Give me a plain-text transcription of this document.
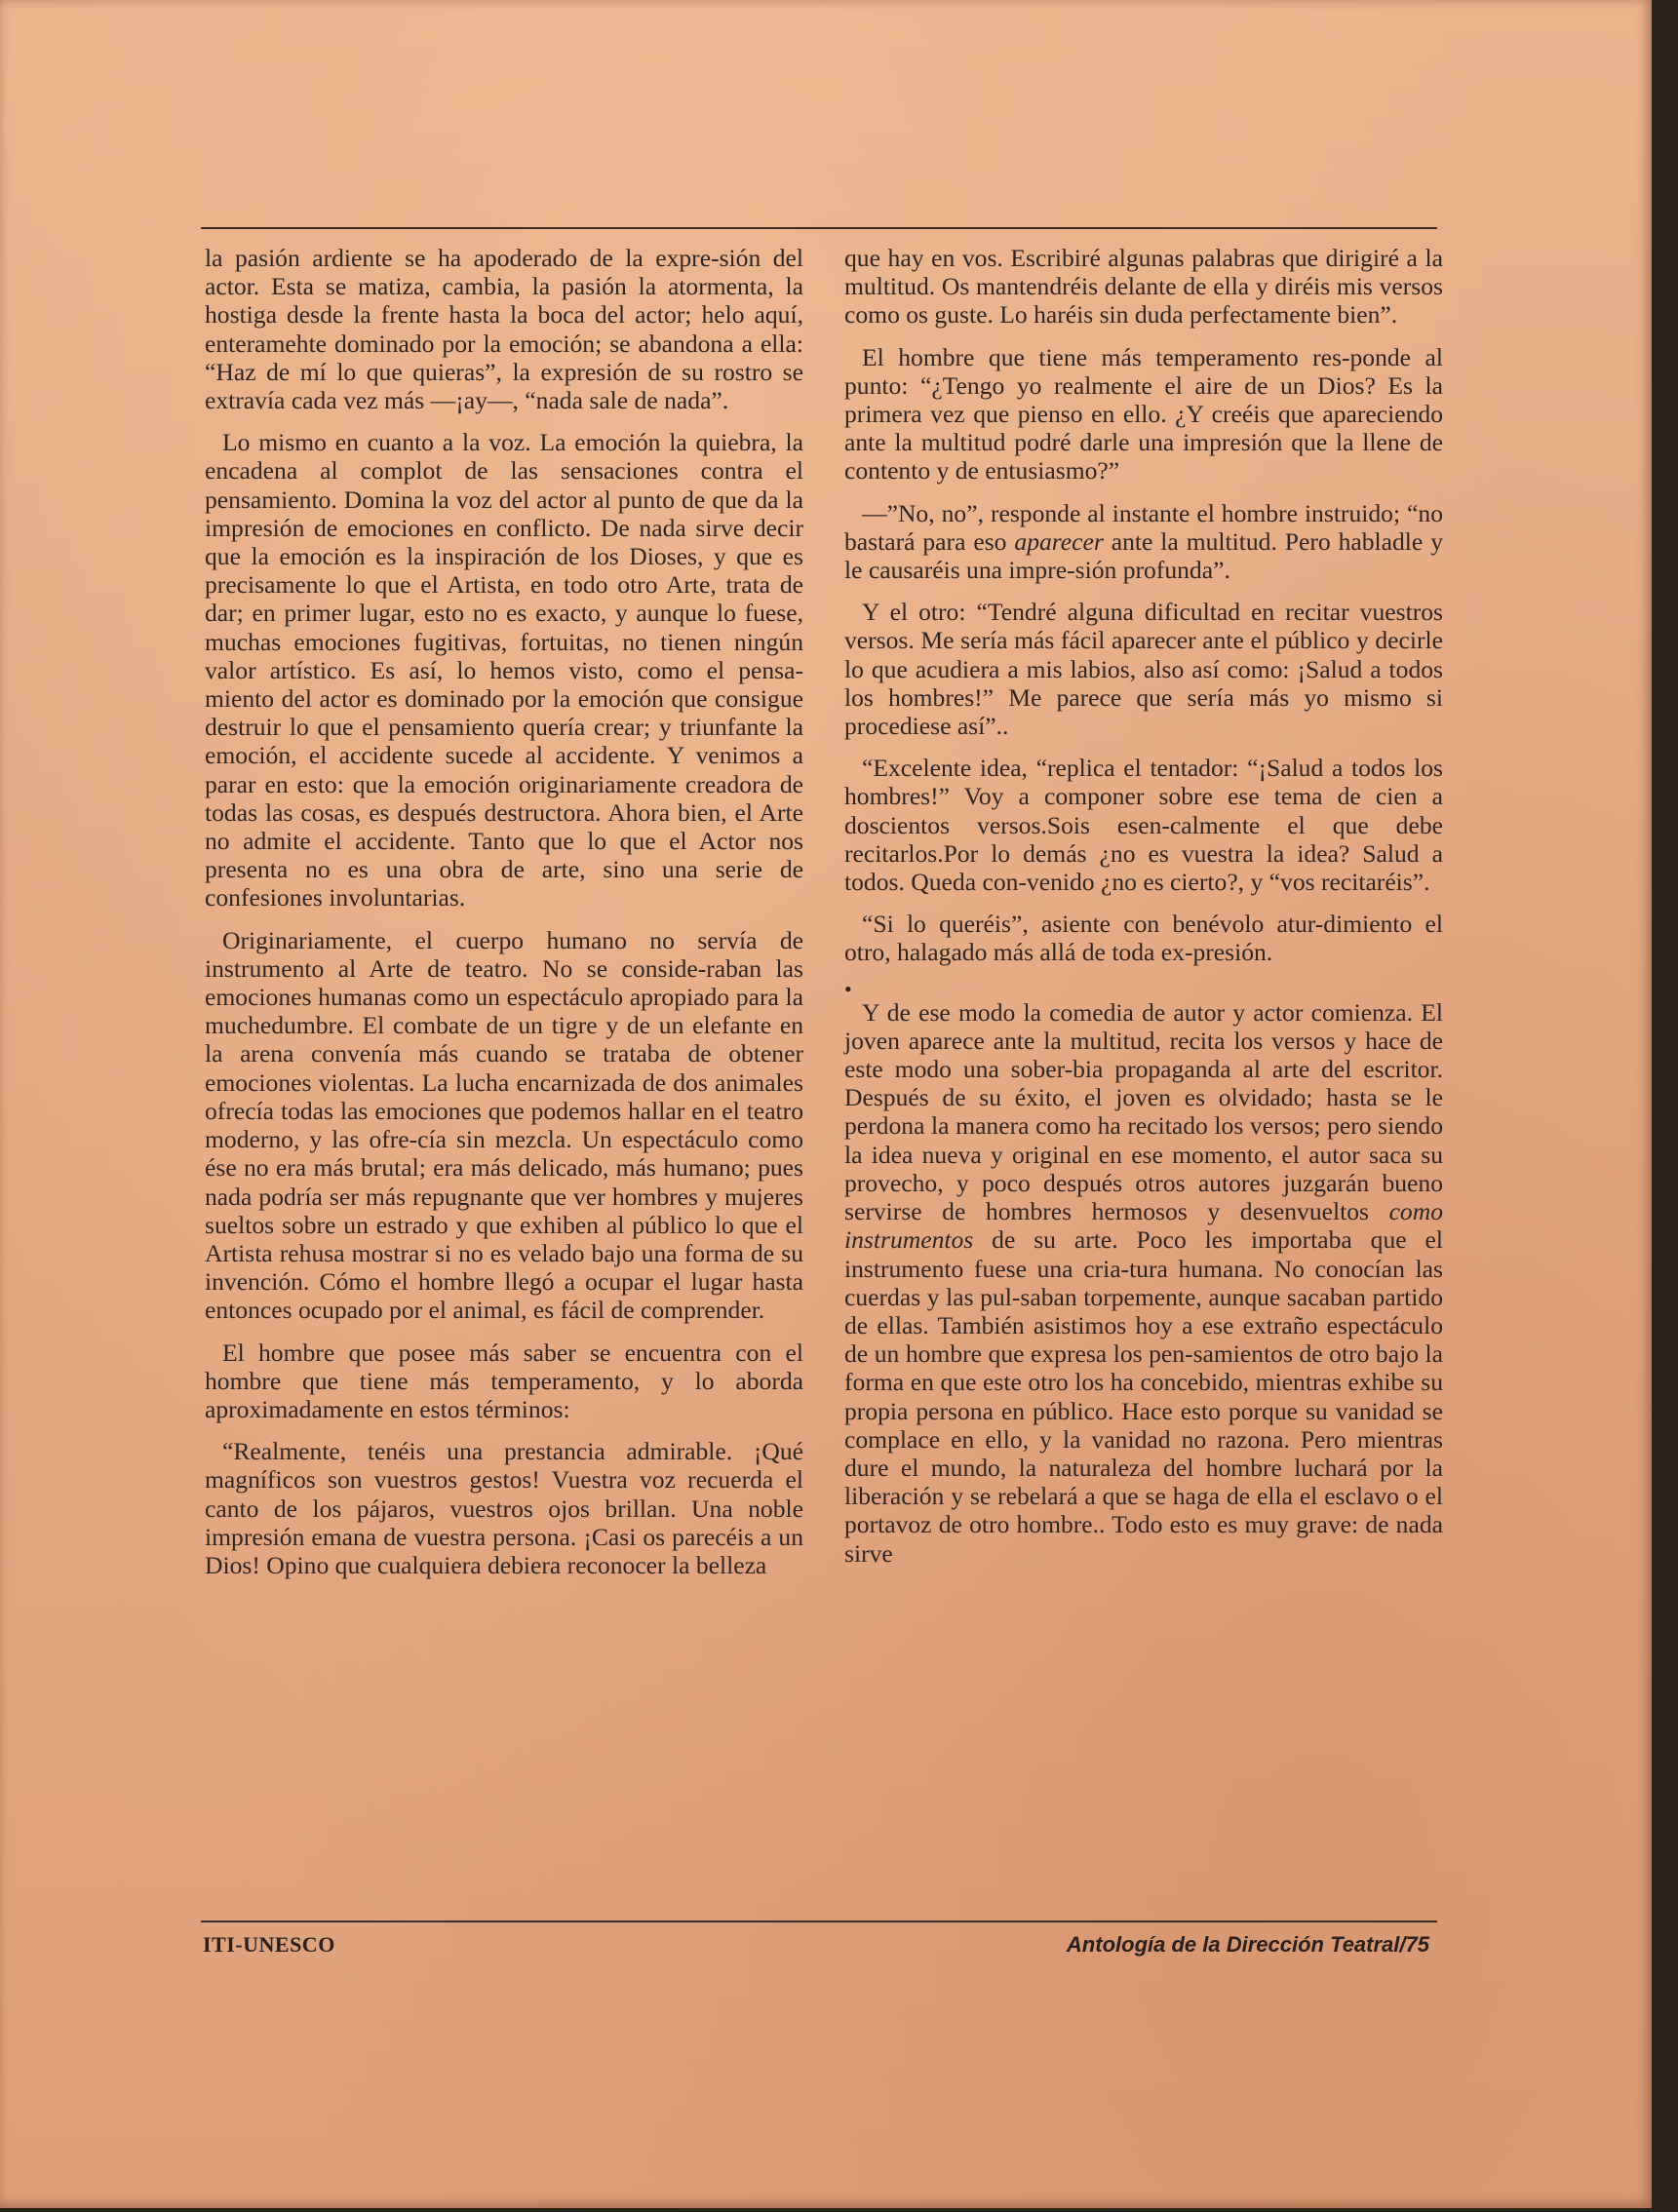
la pasión ardiente se ha apoderado de la expre-sión del actor. Esta se matiza, cambia, la pasión la atormenta, la hostiga desde la frente hasta la boca del actor; helo aquí, enteramehte dominado por la emoción; se abandona a ella: “Haz de mí lo que quieras”, la expresión de su rostro se extravía cada vez más —¡ay—, “nada sale de nada”.

Lo mismo en cuanto a la voz. La emoción la quiebra, la encadena al complot de las sensaciones contra el pensamiento. Domina la voz del actor al punto de que da la impresión de emociones en conflicto. De nada sirve decir que la emoción es la inspiración de los Dioses, y que es precisamente lo que el Artista, en todo otro Arte, trata de dar; en primer lugar, esto no es exacto, y aunque lo fuese, muchas emociones fugitivas, fortuitas, no tienen ningún valor artístico. Es así, lo hemos visto, como el pensa-miento del actor es dominado por la emoción que consigue destruir lo que el pensamiento quería crear; y triunfante la emoción, el accidente sucede al accidente. Y venimos a parar en esto: que la emoción originariamente creadora de todas las cosas, es después destructora. Ahora bien, el Arte no admite el accidente. Tanto que lo que el Actor nos presenta no es una obra de arte, sino una serie de confesiones involuntarias.

Originariamente, el cuerpo humano no servía de instrumento al Arte de teatro. No se conside-raban las emociones humanas como un espectáculo apropiado para la muchedumbre. El combate de un tigre y de un elefante en la arena convenía más cuando se trataba de obtener emociones violentas. La lucha encarnizada de dos animales ofrecía todas las emociones que podemos hallar en el teatro moderno, y las ofre-cía sin mezcla. Un espectáculo como ése no era más brutal; era más delicado, más humano; pues nada podría ser más repugnante que ver hombres y mujeres sueltos sobre un estrado y que exhiben al público lo que el Artista rehusa mostrar si no es velado bajo una forma de su invención. Cómo el hombre llegó a ocupar el lugar hasta entonces ocupado por el animal, es fácil de comprender.

El hombre que posee más saber se encuentra con el hombre que tiene más temperamento, y lo aborda aproximadamente en estos términos:

“Realmente, tenéis una prestancia admirable. ¡Qué magníficos son vuestros gestos! Vuestra voz recuerda el canto de los pájaros, vuestros ojos brillan. Una noble impresión emana de vuestra persona. ¡Casi os parecéis a un Dios! Opino que cualquiera debiera reconocer la belleza

que hay en vos. Escribiré algunas palabras que dirigiré a la multitud. Os mantendréis delante de ella y diréis mis versos como os guste. Lo haréis sin duda perfectamente bien”.

El hombre que tiene más temperamento res-ponde al punto: “¿Tengo yo realmente el aire de un Dios? Es la primera vez que pienso en ello. ¿Y creéis que apareciendo ante la multitud podré darle una impresión que la llene de contento y de entusiasmo?”

—”No, no”, responde al instante el hombre instruido; “no bastará para eso aparecer ante la multitud. Pero habladle y le causaréis una impre-sión profunda”.

Y el otro: “Tendré alguna dificultad en recitar vuestros versos. Me sería más fácil aparecer ante el público y decirle lo que acudiera a mis labios, also así como: ¡Salud a todos los hombres!” Me parece que sería más yo mismo si procediese así”..

“Excelente idea, “replica el tentador: “¡Salud a todos los hombres!” Voy a componer sobre ese tema de cien a doscientos versos.Sois esen-calmente el que debe recitarlos.Por lo demás ¿no es vuestra la idea? Salud a todos. Queda con-venido ¿no es cierto?, y “vos recitaréis”.

“Si lo queréis”, asiente con benévolo atur-dimiento el otro, halagado más allá de toda ex-presión.

•

Y de ese modo la comedia de autor y actor comienza. El joven aparece ante la multitud, recita los versos y hace de este modo una sober-bia propaganda al arte del escritor. Después de su éxito, el joven es olvidado; hasta se le perdona la manera como ha recitado los versos; pero siendo la idea nueva y original en ese momento, el autor saca su provecho, y poco después otros autores juzgarán bueno servirse de hombres hermosos y desenvueltos como instrumentos de su arte. Poco les importaba que el instrumento fuese una cria-tura humana. No conocían las cuerdas y las pul-saban torpemente, aunque sacaban partido de ellas. También asistimos hoy a ese extraño espectáculo de un hombre que expresa los pen-samientos de otro bajo la forma en que este otro los ha concebido, mientras exhibe su propia persona en público. Hace esto porque su vanidad se complace en ello, y la vanidad no razona. Pero mientras dure el mundo, la naturaleza del hombre luchará por la liberación y se rebelará a que se haga de ella el esclavo o el portavoz de otro hombre.. Todo esto es muy grave: de nada sirve

ITI-UNESCO	Antología de la Dirección Teatral/75
